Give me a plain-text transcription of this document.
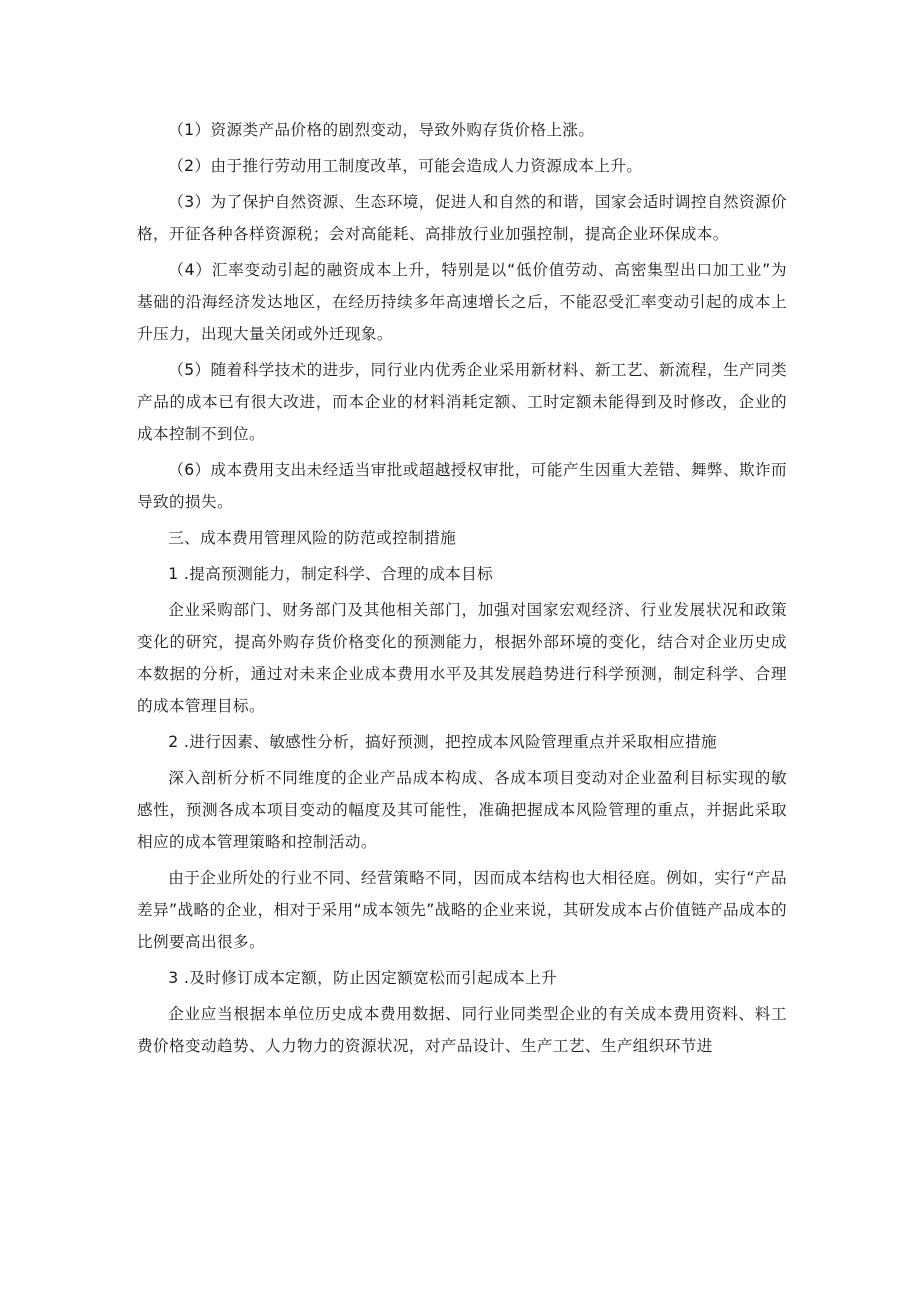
（1）资源类产品价格的剧烈变动，导致外购存货价格上涨。

（2）由于推行劳动用工制度改革，可能会造成人力资源成本上升。

（3）为了保护自然资源、生态环境，促进人和自然的和谐，国家会适时调控自然资源价格，开征各种各样资源税；会对高能耗、高排放行业加强控制，提高企业环保成本。

（4）汇率变动引起的融资成本上升，特别是以“低价值劳动、高密集型出口加工业”为基础的沿海经济发达地区，在经历持续多年高速增长之后，不能忍受汇率变动引起的成本上升压力，出现大量关闭或外迁现象。

（5）随着科学技术的进步，同行业内优秀企业采用新材料、新工艺、新流程，生产同类产品的成本已有很大改进，而本企业的材料消耗定额、工时定额未能得到及时修改，企业的成本控制不到位。

（6）成本费用支出未经适当审批或超越授权审批，可能产生因重大差错、舞弊、欺诈而导致的损失。

三、成本费用管理风险的防范或控制措施

1 .提高预测能力，制定科学、合理的成本目标

企业采购部门、财务部门及其他相关部门，加强对国家宏观经济、行业发展状况和政策变化的研究，提高外购存货价格变化的预测能力，根据外部环境的变化，结合对企业历史成本数据的分析，通过对未来企业成本费用水平及其发展趋势进行科学预测，制定科学、合理的成本管理目标。

2 .进行因素、敏感性分析，搞好预测，把控成本风险管理重点并采取相应措施

深入剖析分析不同维度的企业产品成本构成、各成本项目变动对企业盈利目标实现的敏感性，预测各成本项目变动的幅度及其可能性，准确把握成本风险管理的重点，并据此采取相应的成本管理策略和控制活动。

由于企业所处的行业不同、经营策略不同，因而成本结构也大相径庭。例如，实行“产品差异”战略的企业，相对于采用“成本领先”战略的企业来说，其研发成本占价值链产品成本的比例要高出很多。

3 .及时修订成本定额，防止因定额宽松而引起成本上升

企业应当根据本单位历史成本费用数据、同行业同类型企业的有关成本费用资料、料工费价格变动趋势、人力物力的资源状况，对产品设计、生产工艺、生产组织环节进
